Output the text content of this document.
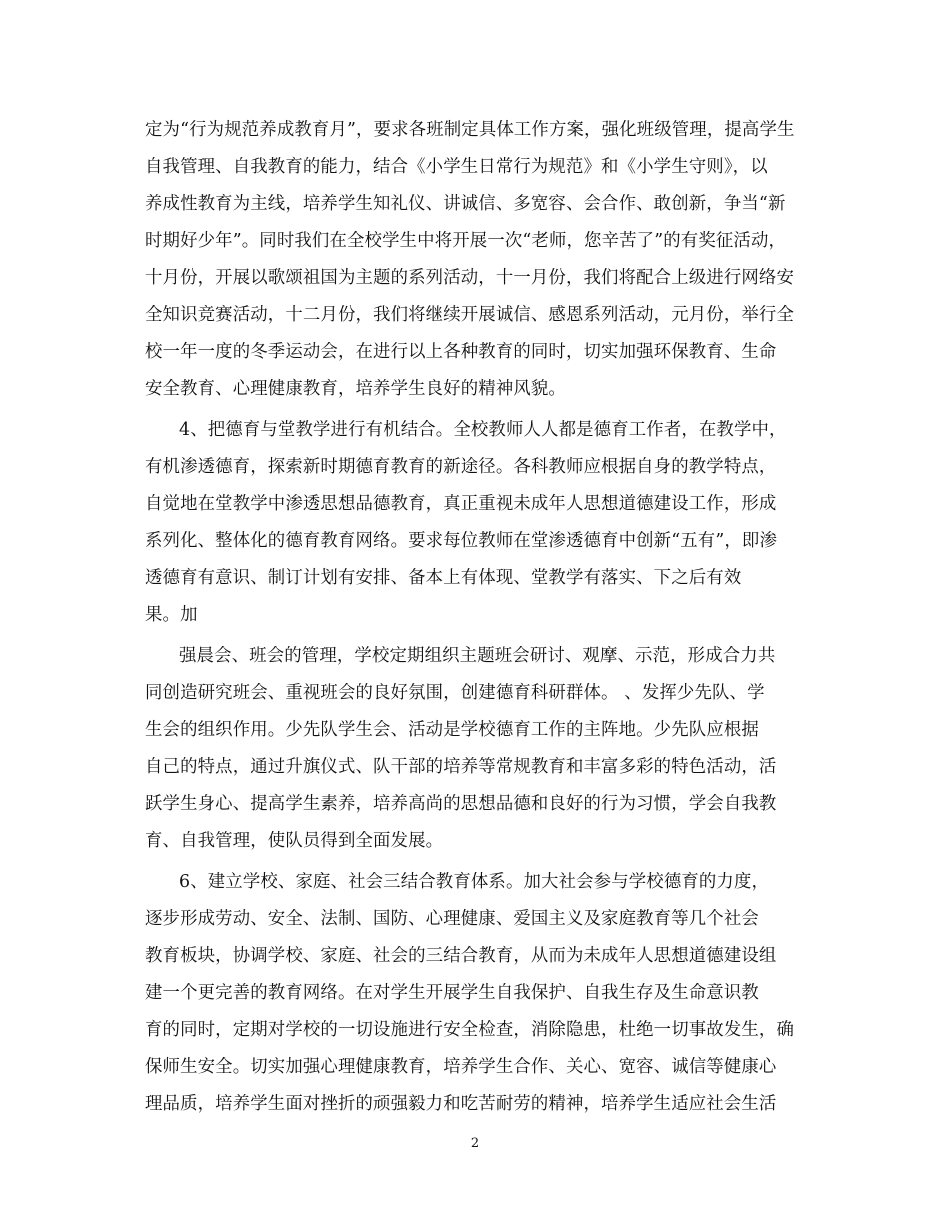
定为“行为规范养成教育月”，要求各班制定具体工作方案，强化班级管理，提高学生
自我管理、自我教育的能力，结合《小学生日常行为规范》和《小学生守则》，以
养成性教育为主线，培养学生知礼仪、讲诚信、多宽容、会合作、敢创新，争当“新
时期好少年”。同时我们在全校学生中将开展一次“老师，您辛苦了”的有奖征活动，
十月份，开展以歌颂祖国为主题的系列活动，十一月份，我们将配合上级进行网络安
全知识竞赛活动，十二月份，我们将继续开展诚信、感恩系列活动，元月份，举行全
校一年一度的冬季运动会，在进行以上各种教育的同时，切实加强环保教育、生命
安全教育、心理健康教育，培养学生良好的精神风貌。

4、把德育与堂教学进行有机结合。全校教师人人都是德育工作者，在教学中，
有机渗透德育，探索新时期德育教育的新途径。各科教师应根据自身的教学特点，
自觉地在堂教学中渗透思想品德教育，真正重视未成年人思想道德建设工作，形成
系列化、整体化的德育教育网络。要求每位教师在堂渗透德育中创新“五有”，即渗
透德育有意识、制订计划有安排、备本上有体现、堂教学有落实、下之后有效
果。加

强晨会、班会的管理，学校定期组织主题班会研讨、观摩、示范，形成合力共
同创造研究班会、重视班会的良好氛围，创建德育科研群体。 、发挥少先队、学
生会的组织作用。少先队学生会、活动是学校德育工作的主阵地。少先队应根据
自己的特点，通过升旗仪式、队干部的培养等常规教育和丰富多彩的特色活动，活
跃学生身心、提高学生素养，培养高尚的思想品德和良好的行为习惯，学会自我教
育、自我管理，使队员得到全面发展。

6、建立学校、家庭、社会三结合教育体系。加大社会参与学校德育的力度，
逐步形成劳动、安全、法制、国防、心理健康、爱国主义及家庭教育等几个社会
教育板块，协调学校、家庭、社会的三结合教育，从而为未成年人思想道德建设组
建一个更完善的教育网络。在对学生开展学生自我保护、自我生存及生命意识教
育的同时，定期对学校的一切设施进行安全检查，消除隐患，杜绝一切事故发生，确
保师生安全。切实加强心理健康教育，培养学生合作、关心、宽容、诚信等健康心
理品质，培养学生面对挫折的顽强毅力和吃苦耐劳的精神，培养学生适应社会生活

2
